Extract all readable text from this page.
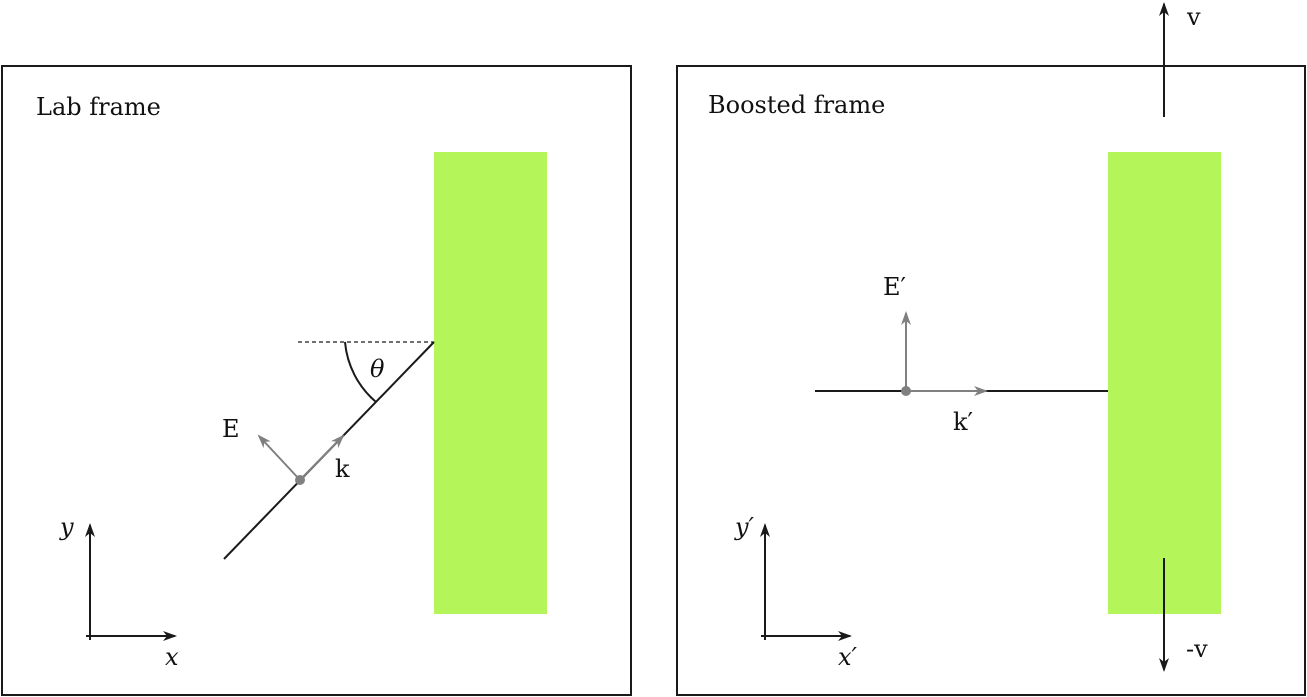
Lab frame
θ
E
k
y
x
Boosted frame
E′
k′
v
-v
y′
x′
